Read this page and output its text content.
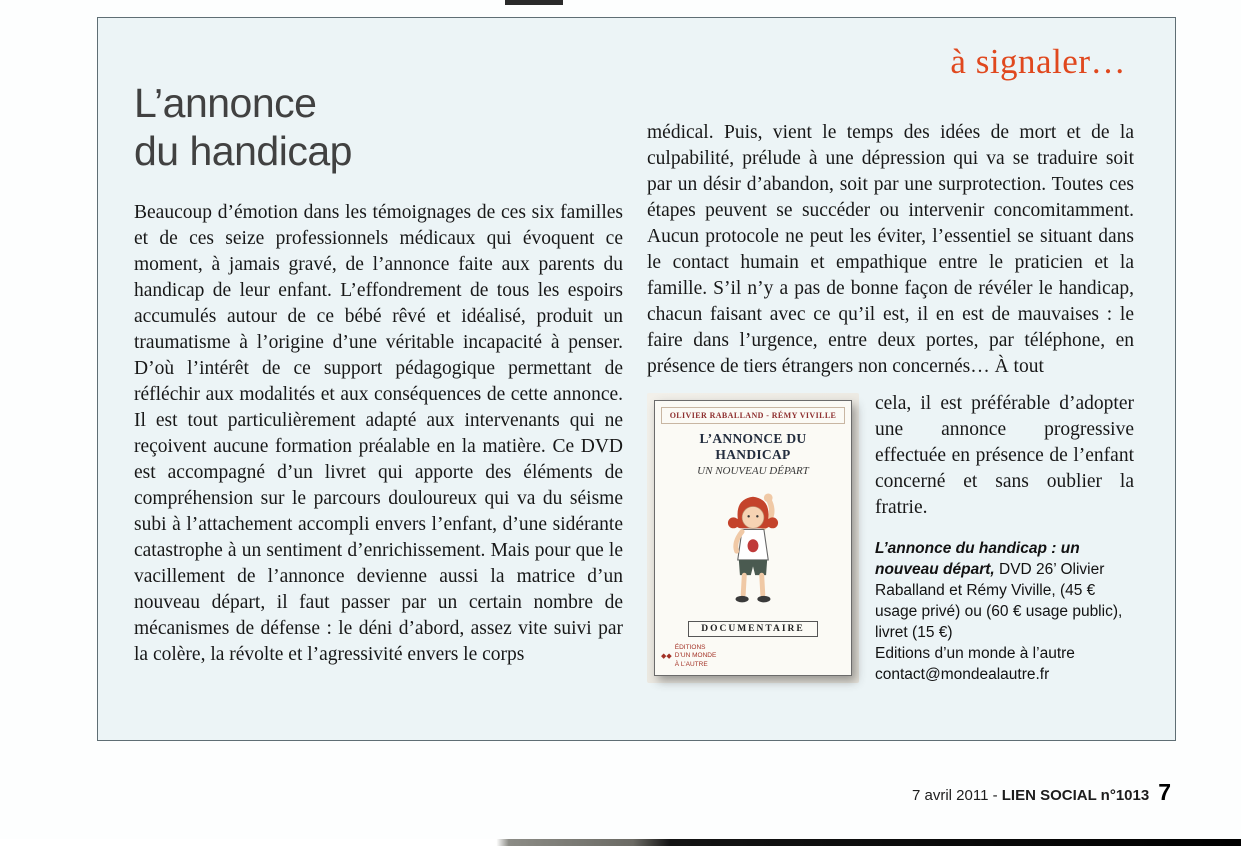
à signaler…
L’annonce
du handicap
Beaucoup d’émotion dans les témoignages de ces six familles et de ces seize professionnels médicaux qui évoquent ce moment, à jamais gravé, de l’annonce faite aux parents du handicap de leur enfant. L’effondrement de tous les espoirs accumulés autour de ce bébé rêvé et idéalisé, produit un traumatisme à l’origine d’une véritable incapacité à penser. D’où l’intérêt de ce support pédagogique permettant de réfléchir aux modalités et aux conséquences de cette annonce. Il est tout particulièrement adapté aux intervenants qui ne reçoivent aucune formation préalable en la matière. Ce DVD est accompagné d’un livret qui apporte des éléments de compréhension sur le parcours douloureux qui va du séisme subi à l’attachement accompli envers l’enfant, d’une sidérante catastrophe à un sentiment d’enrichissement. Mais pour que le vacillement de l’annonce devienne aussi la matrice d’un nouveau départ, il faut passer par un certain nombre de mécanismes de défense : le déni d’abord, assez vite suivi par la colère, la révolte et l’agressivité envers le corps

médical. Puis, vient le temps des idées de mort et de la culpabilité, prélude à une dépression qui va se traduire soit par un désir d’abandon, soit par une surprotection. Toutes ces étapes peuvent se succéder ou intervenir concomitamment. Aucun protocole ne peut les éviter, l’essentiel se situant dans le contact humain et empathique entre le praticien et la famille. S’il n’y a pas de bonne façon de révéler le handicap, chacun faisant avec ce qu’il est, il en est de mauvaises : le faire dans l’urgence, entre deux portes, par téléphone, en présence de tiers étrangers non concernés… À tout

OLIVIER RABALLAND - RÉMY VIVILLE
L’ANNONCE DU HANDICAP
UN NOUVEAU DÉPART
DOCUMENTAIRE
◆◆
ÉDITIONS
D’UN MONDE
À L’AUTRE

cela, il est préférable d’adopter une annonce progressive effectuée en présence de l’enfant concerné et sans oublier la fratrie.

L’annonce du handicap : un nouveau départ, DVD 26’ Olivier Raballand et Rémy Viville, (45 € usage privé) ou (60 € usage public), livret (15 €)

Editions d’un monde à l’autre

contact@mondealautre.fr

7 avril 2011 - LIEN SOCIAL n°1013 7
